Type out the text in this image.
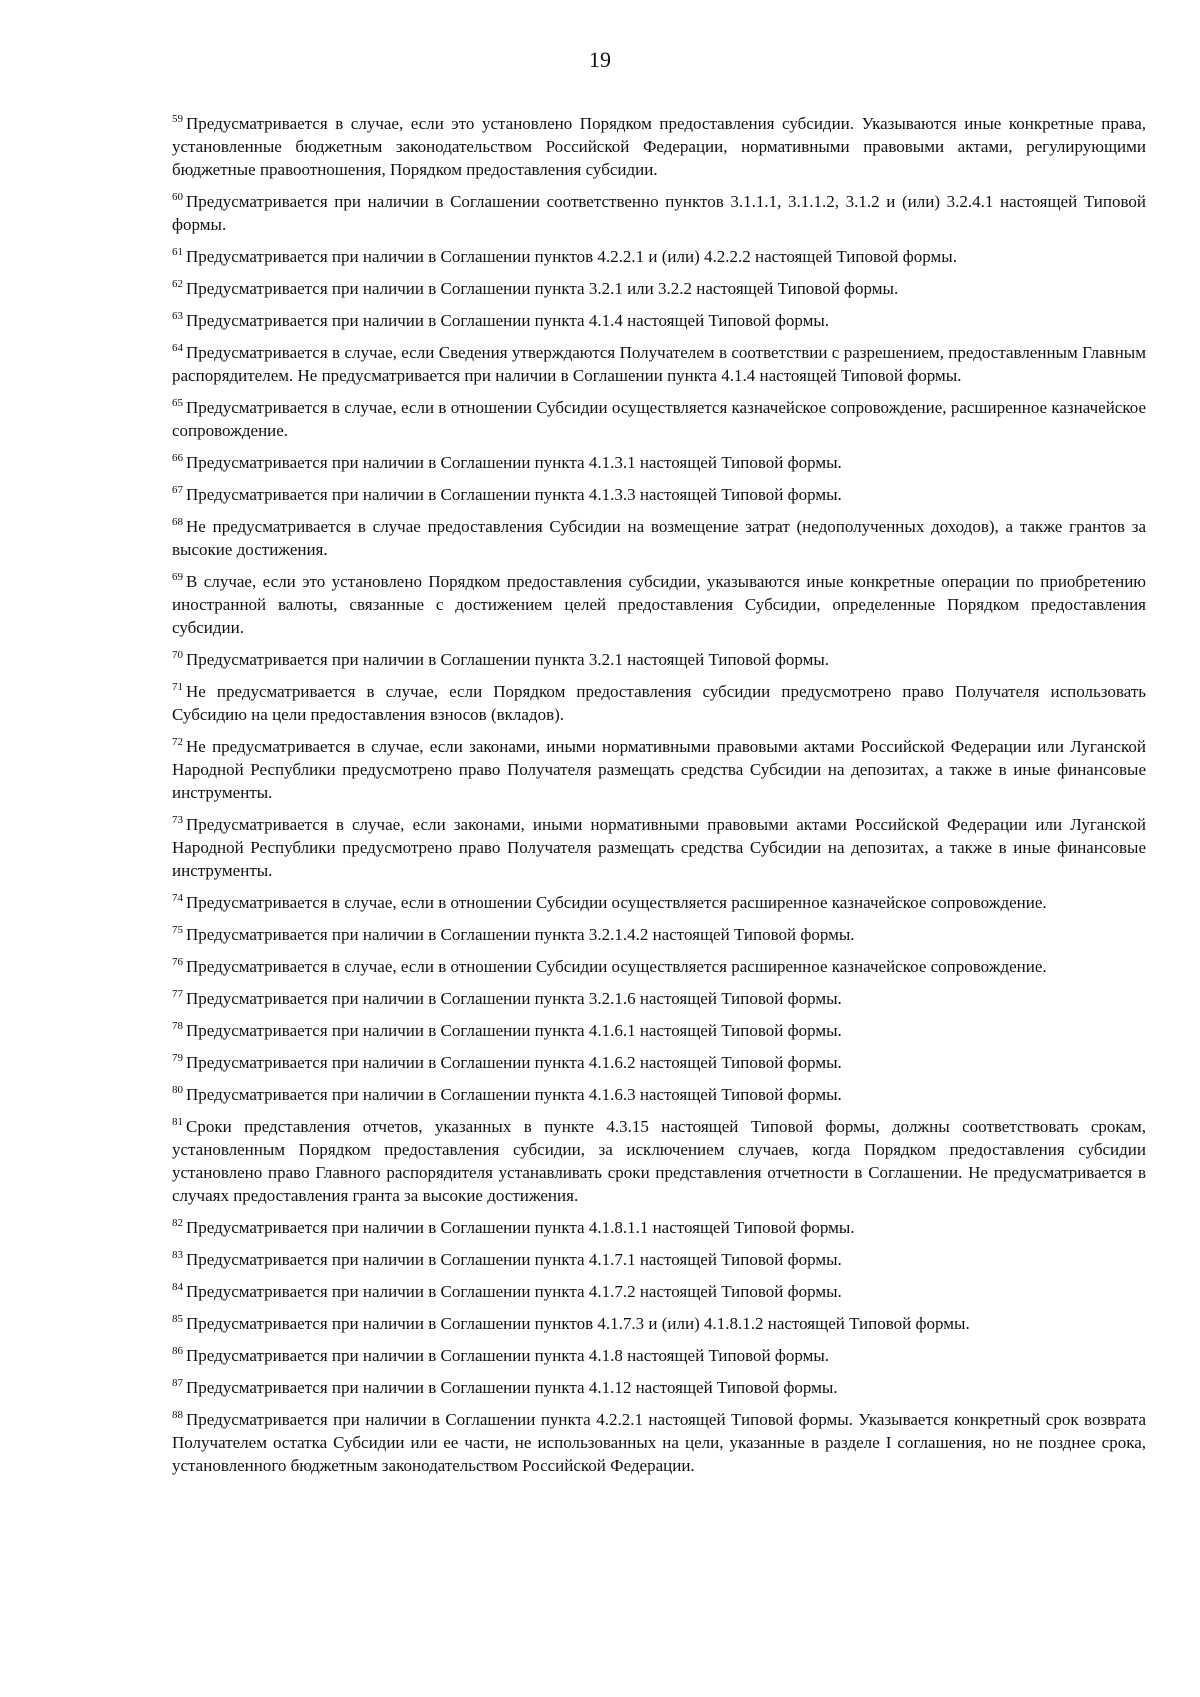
19

$^{59}$ Предусматривается в случае, если это установлено Порядком предоставления субсидии. Указываются иные конкретные права, установленные бюджетным законодательством Российской Федерации, нормативными правовыми актами, регулирующими бюджетные правоотношения, Порядком предоставления субсидии.

$^{60}$ Предусматривается при наличии в Соглашении соответственно пунктов 3.1.1.1, 3.1.1.2, 3.1.2 и (или) 3.2.4.1 настоящей Типовой формы.

$^{61}$ Предусматривается при наличии в Соглашении пунктов 4.2.2.1 и (или) 4.2.2.2 настоящей Типовой формы.

$^{62}$ Предусматривается при наличии в Соглашении пункта 3.2.1 или 3.2.2 настоящей Типовой формы.

$^{63}$ Предусматривается при наличии в Соглашении пункта 4.1.4 настоящей Типовой формы.

$^{64}$ Предусматривается в случае, если Сведения утверждаются Получателем в соответствии с разрешением, предоставленным Главным распорядителем. Не предусматривается при наличии в Соглашении пункта 4.1.4 настоящей Типовой формы.

$^{65}$ Предусматривается в случае, если в отношении Субсидии осуществляется казначейское сопровождение, расширенное казначейское сопровождение.

$^{66}$ Предусматривается при наличии в Соглашении пункта 4.1.3.1 настоящей Типовой формы.

$^{67}$ Предусматривается при наличии в Соглашении пункта 4.1.3.3 настоящей Типовой формы.

$^{68}$ Не предусматривается в случае предоставления Субсидии на возмещение затрат (недополученных доходов), а также грантов за высокие достижения.

$^{69}$ В случае, если это установлено Порядком предоставления субсидии, указываются иные конкретные операции по приобретению иностранной валюты, связанные с достижением целей предоставления Субсидии, определенные Порядком предоставления субсидии.

$^{70}$ Предусматривается при наличии в Соглашении пункта 3.2.1 настоящей Типовой формы.

$^{71}$ Не предусматривается в случае, если Порядком предоставления субсидии предусмотрено право Получателя использовать Субсидию на цели предоставления взносов (вкладов).

$^{72}$ Не предусматривается в случае, если законами, иными нормативными правовыми актами Российской Федерации или Луганской Народной Республики предусмотрено право Получателя размещать средства Субсидии на депозитах, а также в иные финансовые инструменты.

$^{73}$ Предусматривается в случае, если законами, иными нормативными правовыми актами Российской Федерации или Луганской Народной Республики предусмотрено право Получателя размещать средства Субсидии на депозитах, а также в иные финансовые инструменты.

$^{74}$ Предусматривается в случае, если в отношении Субсидии осуществляется расширенное казначейское сопровождение.

$^{75}$ Предусматривается при наличии в Соглашении пункта 3.2.1.4.2 настоящей Типовой формы.

$^{76}$ Предусматривается в случае, если в отношении Субсидии осуществляется расширенное казначейское сопровождение.

$^{77}$ Предусматривается при наличии в Соглашении пункта 3.2.1.6 настоящей Типовой формы.

$^{78}$ Предусматривается при наличии в Соглашении пункта 4.1.6.1 настоящей Типовой формы.

$^{79}$ Предусматривается при наличии в Соглашении пункта 4.1.6.2 настоящей Типовой формы.

$^{80}$ Предусматривается при наличии в Соглашении пункта 4.1.6.3 настоящей Типовой формы.

$^{81}$ Сроки представления отчетов, указанных в пункте 4.3.15 настоящей Типовой формы, должны соответствовать срокам, установленным Порядком предоставления субсидии, за исключением случаев, когда Порядком предоставления субсидии установлено право Главного распорядителя устанавливать сроки представления отчетности в Соглашении. Не предусматривается в случаях предоставления гранта за высокие достижения.

$^{82}$ Предусматривается при наличии в Соглашении пункта 4.1.8.1.1 настоящей Типовой формы.

$^{83}$ Предусматривается при наличии в Соглашении пункта 4.1.7.1 настоящей Типовой формы.

$^{84}$ Предусматривается при наличии в Соглашении пункта 4.1.7.2 настоящей Типовой формы.

$^{85}$ Предусматривается при наличии в Соглашении пунктов 4.1.7.3 и (или) 4.1.8.1.2 настоящей Типовой формы.

$^{86}$ Предусматривается при наличии в Соглашении пункта 4.1.8 настоящей Типовой формы.

$^{87}$ Предусматривается при наличии в Соглашении пункта 4.1.12 настоящей Типовой формы.

$^{88}$ Предусматривается при наличии в Соглашении пункта 4.2.2.1 настоящей Типовой формы. Указывается конкретный срок возврата Получателем остатка Субсидии или ее части, не использованных на цели, указанные в разделе I соглашения, но не позднее срока, установленного бюджетным законодательством Российской Федерации.
